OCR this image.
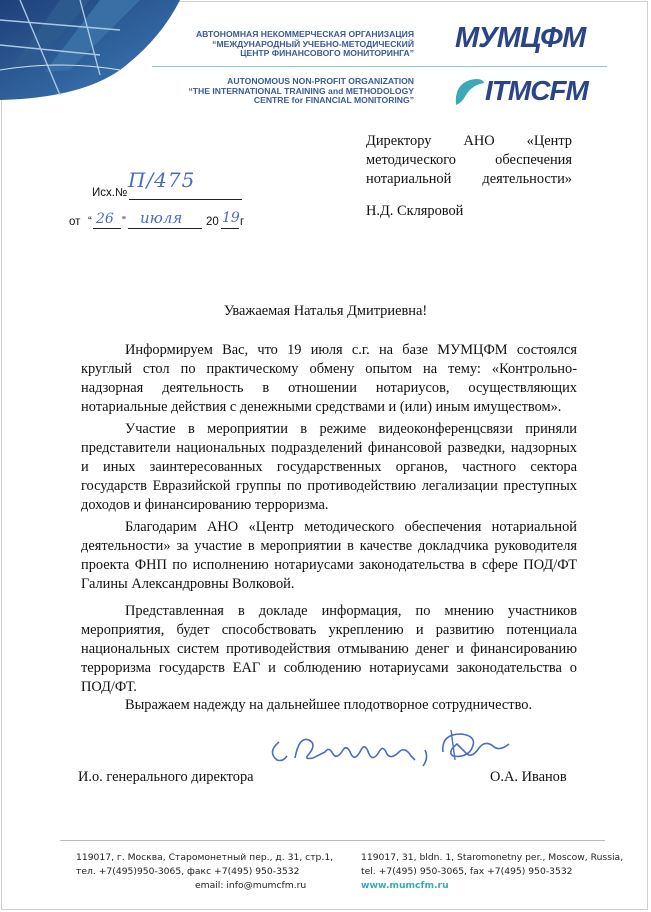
АВТОНОМНАЯ НЕКОММЕРЧЕСКАЯ ОРГАНИЗАЦИЯ
“МЕЖДУНАРОДНЫЙ УЧЕБНО-МЕТОДИЧЕСКИЙ
ЦЕНТР ФИНАНСОВОГО МОНИТОРИНГА”
AUTONOMOUS NON-PROFIT ORGANIZATION
“THE INTERNATIONAL TRAINING and METHODOLOGY
CENTRE for FINANCIAL MONITORING”
МУМЦФМ
ITMCFM
Директору АНО «Центр методического обеспечения нотариальной деятельности»
Н.Д. Скляровой
Исх.№
П/475
от “ 26 ” июля 20 19 г
Уважаемая Наталья Дмитриевна!
Информируем Вас, что 19 июля с.г. на базе МУМЦФМ состоялся круглый стол по практическому обмену опытом на тему: «Контрольно-надзорная деятельность в отношении нотариусов, осуществляющих нотариальные действия с денежными средствами и (или) иным имуществом».
Участие в мероприятии в режиме видеоконференцсвязи приняли представители национальных подразделений финансовой разведки, надзорных и иных заинтересованных государственных органов, частного сектора государств Евразийской группы по противодействию легализации преступных доходов и финансированию терроризма.
Благодарим АНО «Центр методического обеспечения нотариальной деятельности» за участие в мероприятии в качестве докладчика руководителя проекта ФНП по исполнению нотариусами законодательства в сфере ПОД/ФТ Галины Александровны Волковой.
Представленная в докладе информация, по мнению участников мероприятия, будет способствовать укреплению и развитию потенциала национальных систем противодействия отмыванию денег и финансированию терроризма государств ЕАГ и соблюдению нотариусами законодательства о ПОД/ФТ.
Выражаем надежду на дальнейшее плодотворное сотрудничество.
И.о. генерального директора	О.А. Иванов
119017, г. Москва, Старомонетный пер., д. 31, стр.1,
тел. +7(495)950-3065, факс +7(495) 950-3532
email: info@mumcfm.ru
119017, 31, bldn. 1, Staromonetny per., Moscow, Russia,
tel. +7(495) 950-3065, fax +7(495) 950-3532
www.mumcfm.ru
